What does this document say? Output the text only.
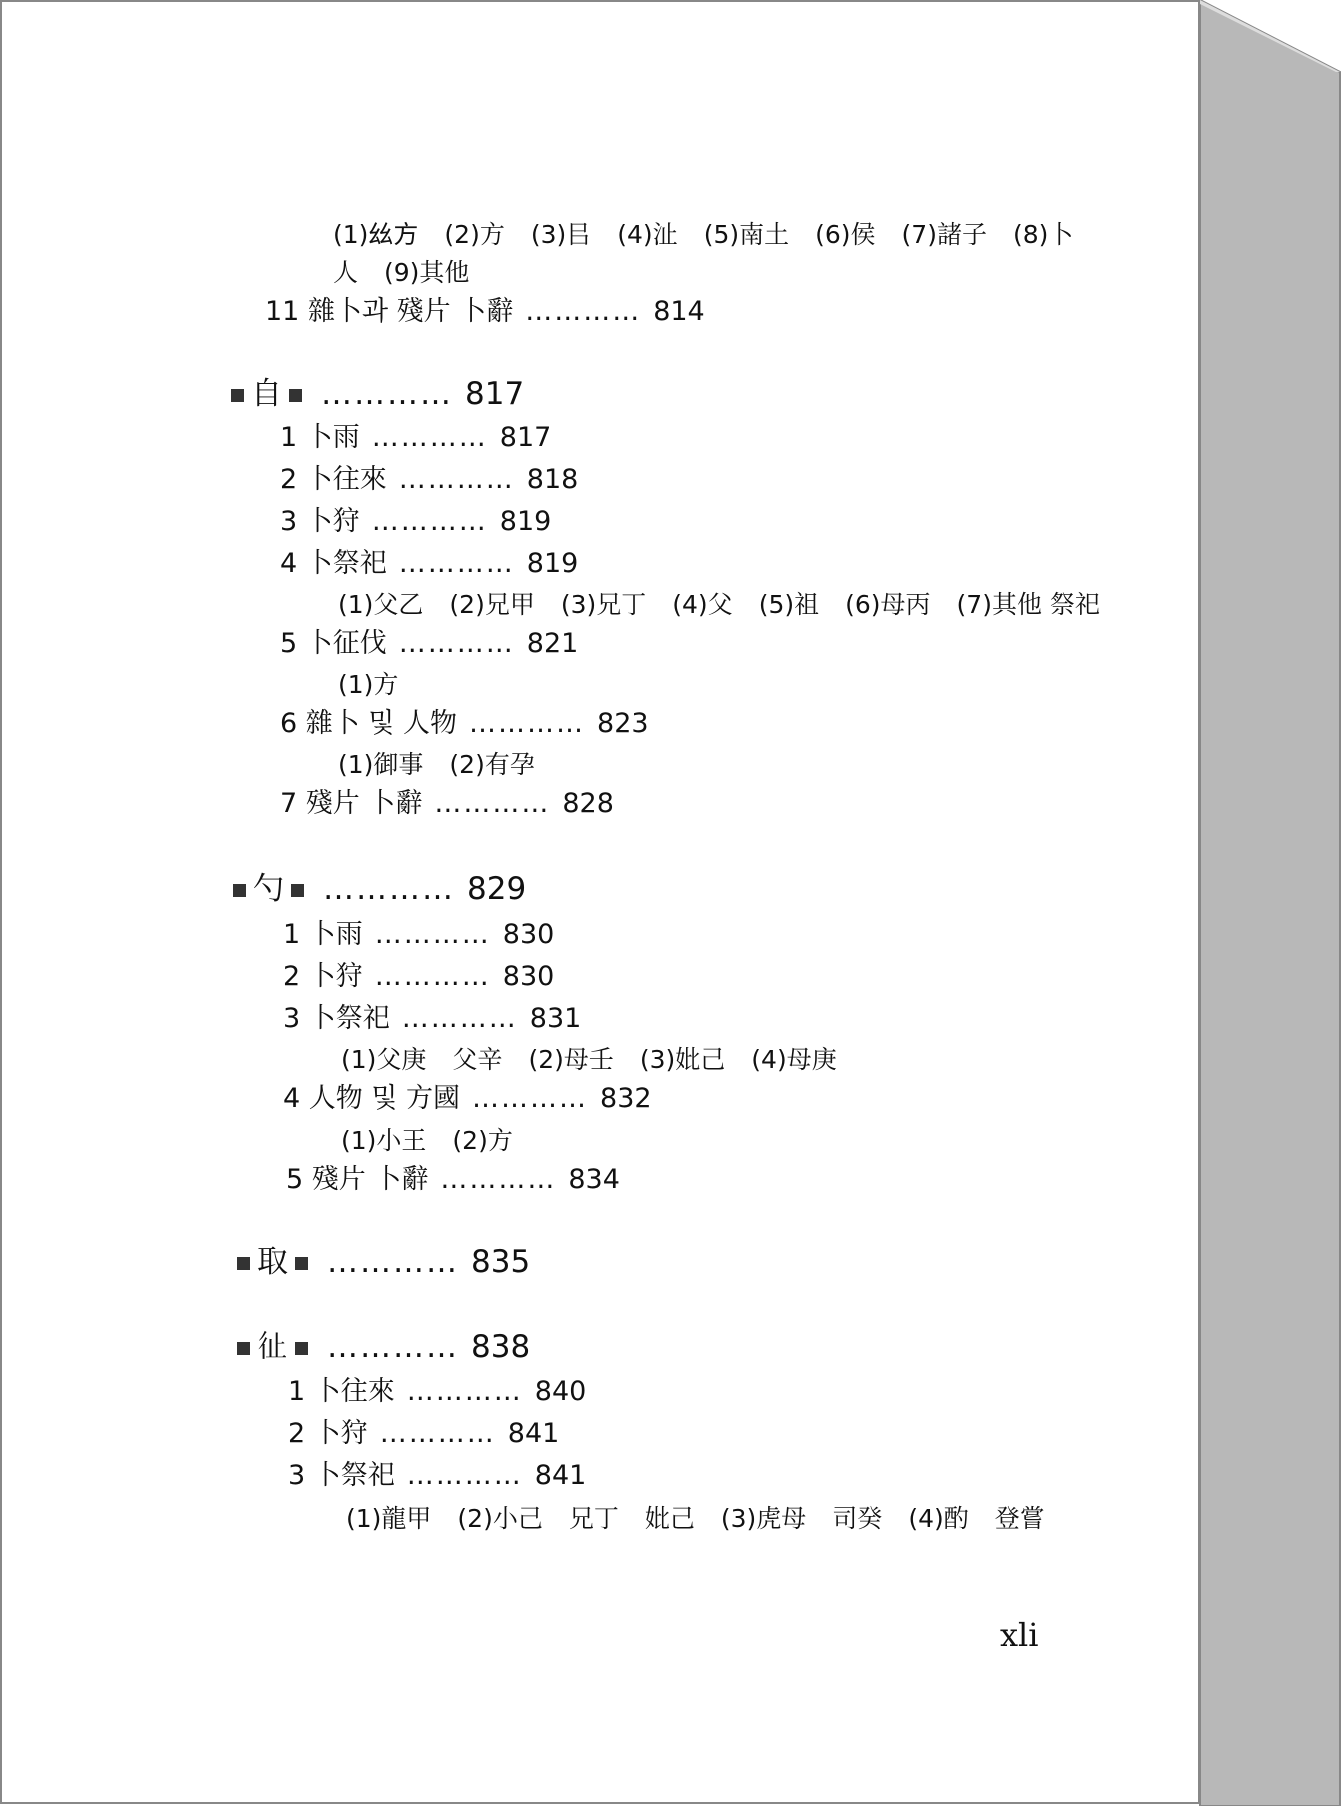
(1)𢆶方 (2)方 (3)㠯 (4)沚 (5)南土 (6)侯 (7)諸子 (8)卜
人 (9)其他
11 雜卜과 殘片 卜辭 ………… 814
自 ………… 817
1 卜雨 ………… 817
2 卜往來 ………… 818
3 卜狩 ………… 819
4 卜祭祀 ………… 819
(1)父乙 (2)兄甲 (3)兄丁 (4)父 (5)祖 (6)母丙 (7)其他 祭祀
5 卜征伐 ………… 821
(1)方
6 雜卜 및 人物 ………… 823
(1)御事 (2)有孕
7 殘片 卜辭 ………… 828
勺 ………… 829
1 卜雨 ………… 830
2 卜狩 ………… 830
3 卜祭祀 ………… 831
(1)父庚 父辛 (2)母壬 (3)妣己 (4)母庚
4 人物 및 方國 ………… 832
(1)小王 (2)方
5 殘片 卜辭 ………… 834
取 ………… 835
𢓊 ………… 838
1 卜往來 ………… 840
2 卜狩 ………… 841
3 卜祭祀 ………… 841
(1)龍甲 (2)小己 兄丁 妣己 (3)虎母 司癸 (4)酌 登嘗
xli
